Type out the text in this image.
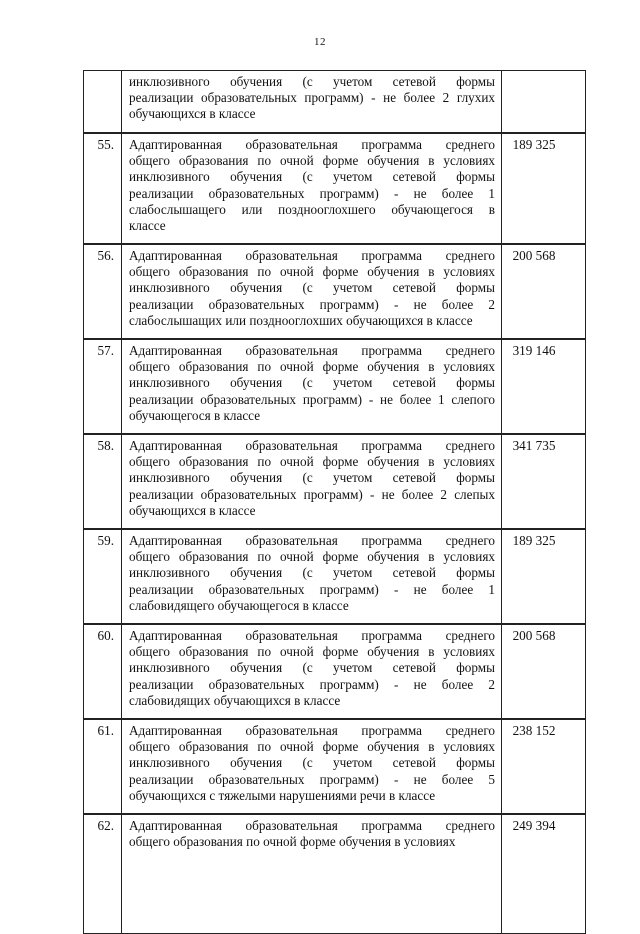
12
инклюзивного обучения (с учетом сетевой формы
реализации образовательных программ) - не более 2 глухих
обучающихся в классе
55.	Адаптированная образовательная программа среднего
общего образования по очной форме обучения в условиях
инклюзивного обучения (с учетом сетевой формы
реализации образовательных программ) - не более 1
слабослышащего или позднооглохшего обучающегося в
классе
189 325
56.	Адаптированная образовательная программа среднего
общего образования по очной форме обучения в условиях
инклюзивного обучения (с учетом сетевой формы
реализации образовательных программ) - не более 2
слабослышащих или позднооглохших обучающихся в классе
200 568
57.	Адаптированная образовательная программа среднего
общего образования по очной форме обучения в условиях
инклюзивного обучения (с учетом сетевой формы
реализации образовательных программ) - не более 1 слепого
обучающегося в классе
319 146
58.	Адаптированная образовательная программа среднего
общего образования по очной форме обучения в условиях
инклюзивного обучения (с учетом сетевой формы
реализации образовательных программ) - не более 2 слепых
обучающихся в классе
341 735
59.	Адаптированная образовательная программа среднего
общего образования по очной форме обучения в условиях
инклюзивного обучения (с учетом сетевой формы
реализации образовательных программ) - не более 1
слабовидящего обучающегося в классе
189 325
60.	Адаптированная образовательная программа среднего
общего образования по очной форме обучения в условиях
инклюзивного обучения (с учетом сетевой формы
реализации образовательных программ) - не более 2
слабовидящих обучающихся в классе
200 568
61.	Адаптированная образовательная программа среднего
общего образования по очной форме обучения в условиях
инклюзивного обучения (с учетом сетевой формы
реализации образовательных программ) - не более 5
обучающихся с тяжелыми нарушениями речи в классе
238 152
62.	Адаптированная образовательная программа среднего
общего образования по очной форме обучения в условиях
249 394
